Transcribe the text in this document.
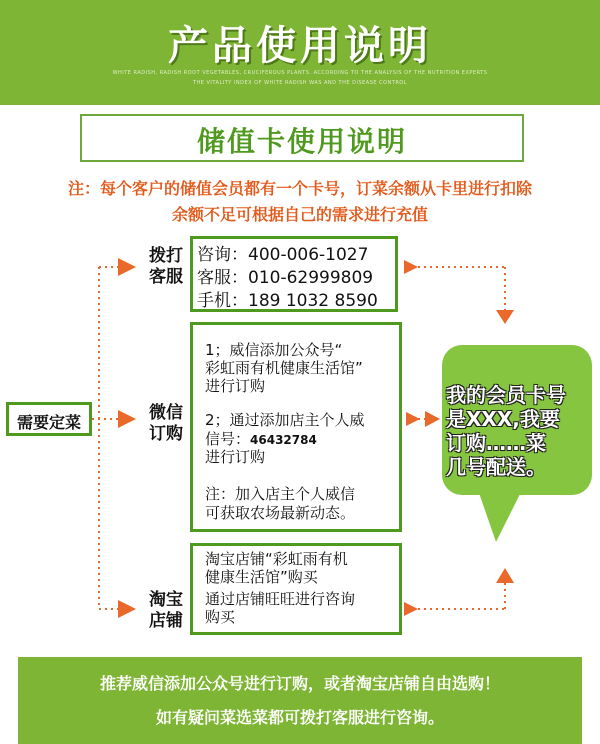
产品使用说明
WHITE RADISH, RADISH ROOT VEGETABLES, CRUCIFEROUS PLANTS. ACCORDING TO THE ANALYSIS OF THE NUTRITION EXPERTS
THE VITALITY INDEX OF WHITE RADISH WAS AND THE DISEASE CONTROL
储值卡使用说明
注：每个客户的储值会员都有一个卡号，订菜余额从卡里进行扣除
余额不足可根据自己的需求进行充值
需要定菜
拨打
客服
微信
订购
淘宝
店铺
咨询：400-006-1027
客服：010-62999809
手机：189 1032 8590
1；威信添加公众号“
彩虹雨有机健康生活馆”
进行订购
2；通过添加店主个人威
信号：46432784
进行订购
注：加入店主个人威信
可获取农场最新动态。
淘宝店铺“彩虹雨有机
健康生活馆”购买
通过店铺旺旺进行咨询
购买
我的会员卡号
是XXX,我要
订购……菜
几号配送。
推荐威信添加公众号进行订购，或者淘宝店铺自由选购！
如有疑问菜选菜都可拨打客服进行咨询。
